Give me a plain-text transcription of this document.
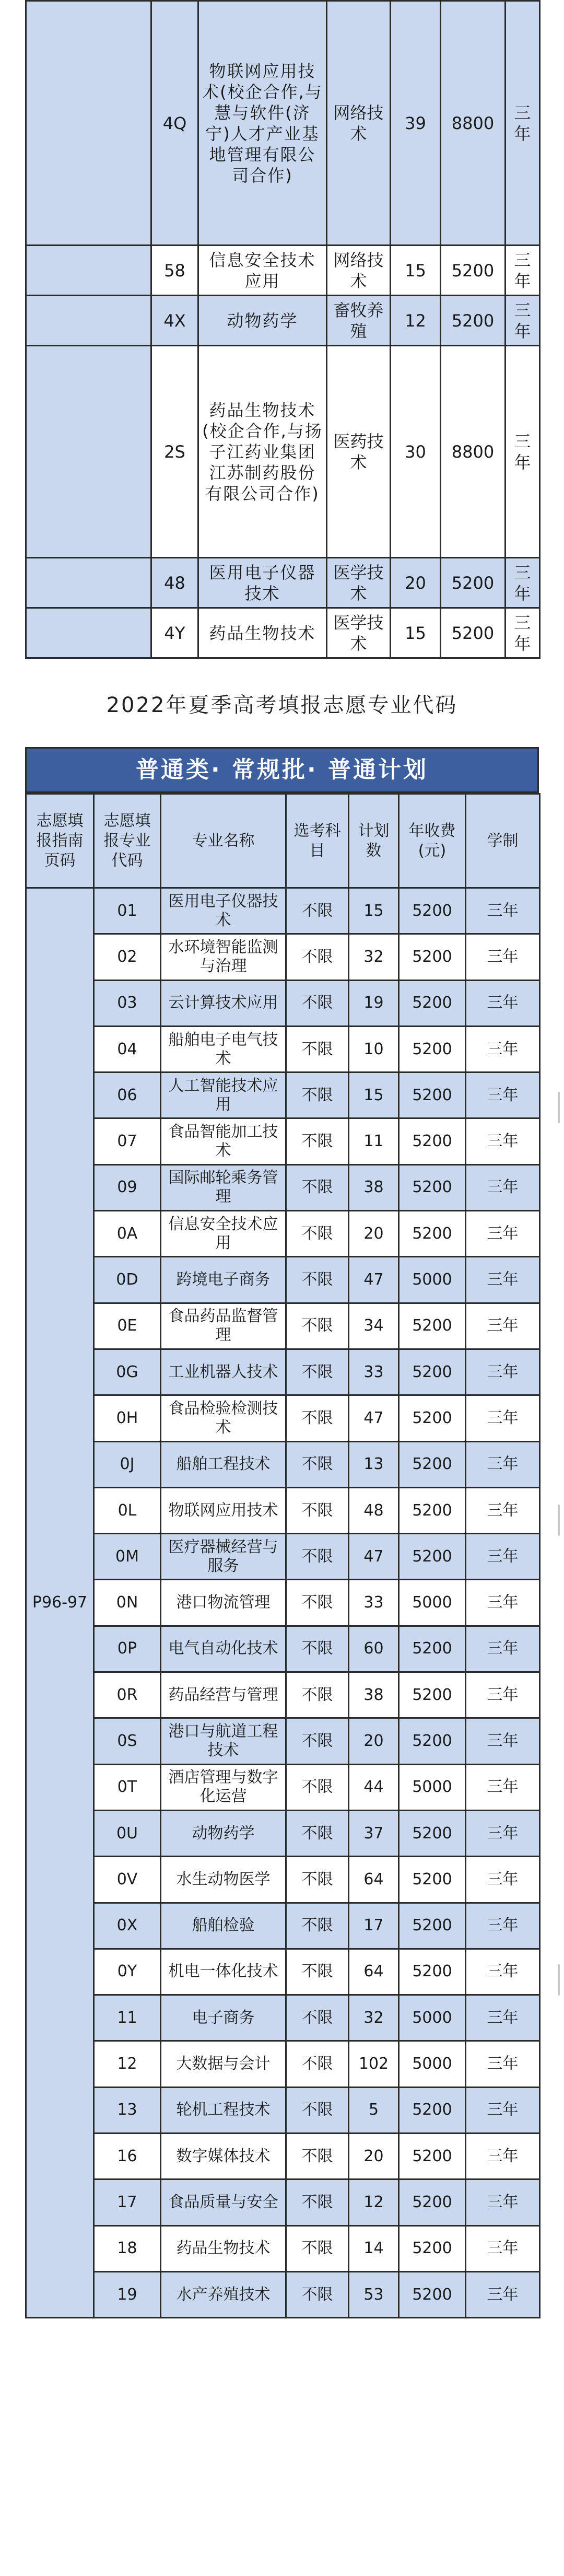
	4Q	物联网应用技术(校企合作,与慧与软件(济宁)人才产业基地管理有限公司合作)	网络技术	39	8800	三年
	58	信息安全技术应用	网络技术	15	5200	三年
	4X	动物药学	畜牧养殖	12	5200	三年
	2S	药品生物技术(校企合作,与扬子江药业集团江苏制药股份有限公司合作)	医药技术	30	8800	三年
	48	医用电子仪器技术	医学技术	20	5200	三年
	4Y	药品生物技术	医学技术	15	5200	三年
2022年夏季高考填报志愿专业代码
普通类· 常规批· 普通计划
志愿填报指南页码	志愿填报专业代码	专业名称	选考科目	计划数	年收费(元)	学制
P96-97	01	医用电子仪器技术	不限	15	5200	三年
	02	水环境智能监测与治理	不限	32	5200	三年
	03	云计算技术应用	不限	19	5200	三年
	04	船舶电子电气技术	不限	10	5200	三年
	06	人工智能技术应用	不限	15	5200	三年
	07	食品智能加工技术	不限	11	5200	三年
	09	国际邮轮乘务管理	不限	38	5200	三年
	0A	信息安全技术应用	不限	20	5200	三年
	0D	跨境电子商务	不限	47	5000	三年
	0E	食品药品监督管理	不限	34	5200	三年
	0G	工业机器人技术	不限	33	5200	三年
	0H	食品检验检测技术	不限	47	5200	三年
	0J	船舶工程技术	不限	13	5200	三年
	0L	物联网应用技术	不限	48	5200	三年
	0M	医疗器械经营与服务	不限	47	5200	三年
	0N	港口物流管理	不限	33	5000	三年
	0P	电气自动化技术	不限	60	5200	三年
	0R	药品经营与管理	不限	38	5200	三年
	0S	港口与航道工程技术	不限	20	5200	三年
	0T	酒店管理与数字化运营	不限	44	5000	三年
	0U	动物药学	不限	37	5200	三年
	0V	水生动物医学	不限	64	5200	三年
	0X	船舶检验	不限	17	5200	三年
	0Y	机电一体化技术	不限	64	5200	三年
	11	电子商务	不限	32	5000	三年
	12	大数据与会计	不限	102	5000	三年
	13	轮机工程技术	不限	5	5200	三年
	16	数字媒体技术	不限	20	5200	三年
	17	食品质量与安全	不限	12	5200	三年
	18	药品生物技术	不限	14	5200	三年
	19	水产养殖技术	不限	53	5200	三年
